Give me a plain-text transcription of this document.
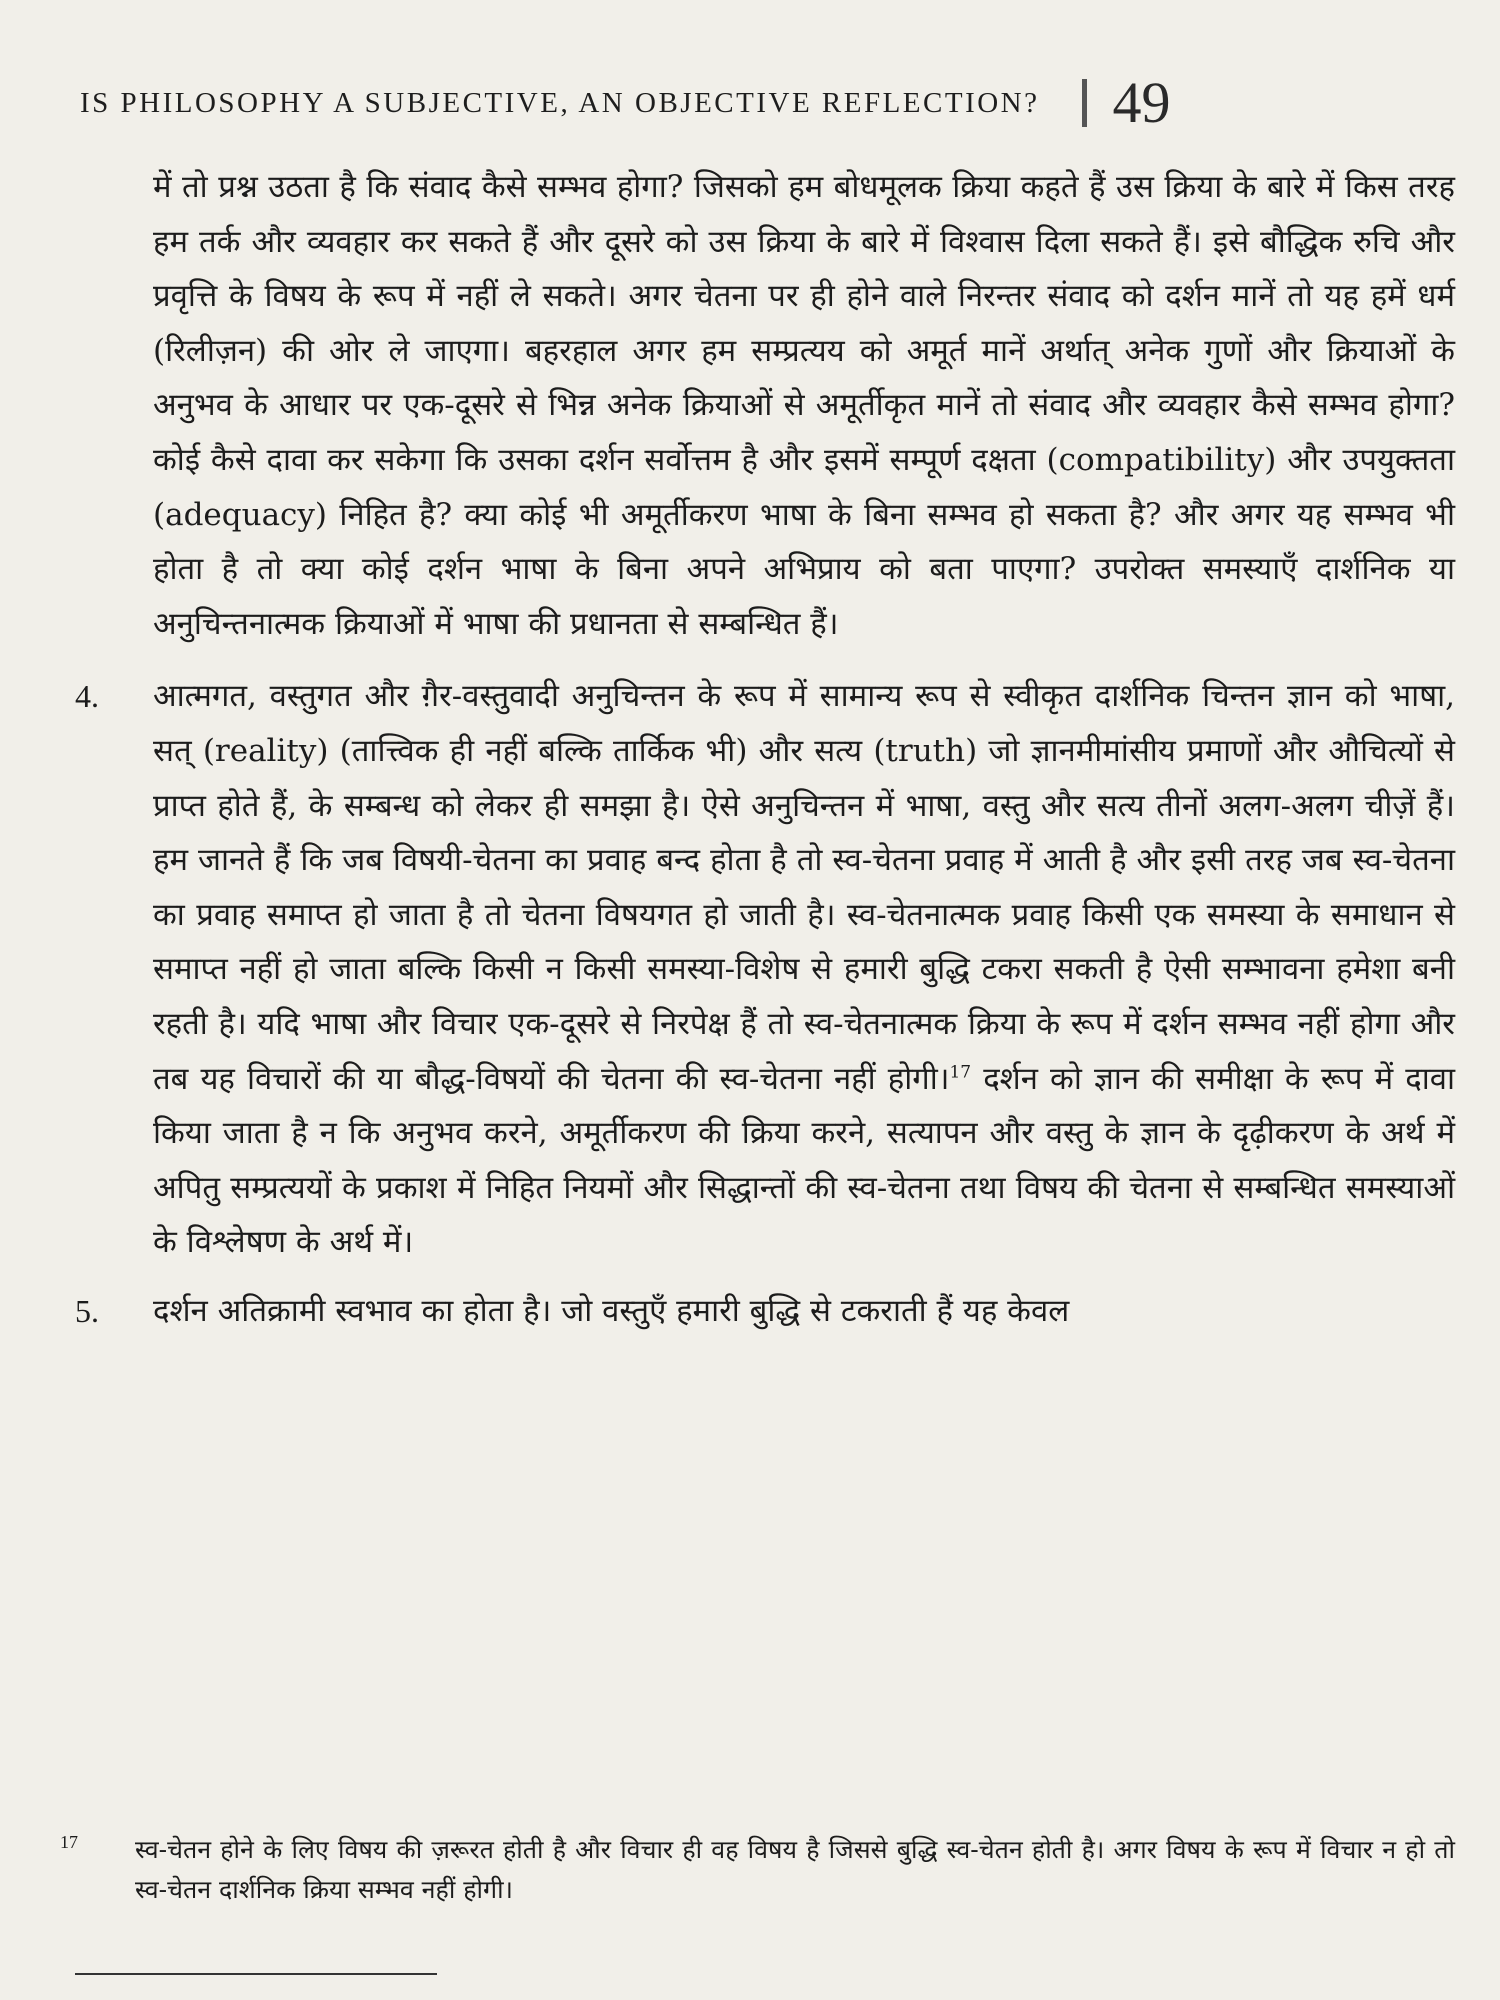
IS PHILOSOPHY A SUBJECTIVE, AN OBJECTIVE REFLECTION? 49

में तो प्रश्न उठता है कि संवाद कैसे सम्भव होगा? जिसको हम बोधमूलक क्रिया कहते हैं उस क्रिया के बारे में किस तरह हम तर्क और व्यवहार कर सकते हैं और दूसरे को उस क्रिया के बारे में विश्वास दिला सकते हैं। इसे बौद्धिक रुचि और प्रवृत्ति के विषय के रूप में नहीं ले सकते। अगर चेतना पर ही होने वाले निरन्तर संवाद को दर्शन मानें तो यह हमें धर्म (रिलीज़न) की ओर ले जाएगा। बहरहाल अगर हम सम्प्रत्यय को अमूर्त मानें अर्थात् अनेक गुणों और क्रियाओं के अनुभव के आधार पर एक-दूसरे से भिन्न अनेक क्रियाओं से अमूर्तीकृत मानें तो संवाद और व्यवहार कैसे सम्भव होगा? कोई कैसे दावा कर सकेगा कि उसका दर्शन सर्वोत्तम है और इसमें सम्पूर्ण दक्षता (compatibility) और उपयुक्तता (adequacy) निहित है? क्या कोई भी अमूर्तीकरण भाषा के बिना सम्भव हो सकता है? और अगर यह सम्भव भी होता है तो क्या कोई दर्शन भाषा के बिना अपने अभिप्राय को बता पाएगा? उपरोक्त समस्याएँ दार्शनिक या अनुचिन्तनात्मक क्रियाओं में भाषा की प्रधानता से सम्बन्धित हैं।

4. आत्मगत, वस्तुगत और ग़ैर-वस्तुवादी अनुचिन्तन के रूप में सामान्य रूप से स्वीकृत दार्शनिक चिन्तन ज्ञान को भाषा, सत् (reality) (तात्त्विक ही नहीं बल्कि तार्किक भी) और सत्य (truth) जो ज्ञानमीमांसीय प्रमाणों और औचित्यों से प्राप्त होते हैं, के सम्बन्ध को लेकर ही समझा है। ऐसे अनुचिन्तन में भाषा, वस्तु और सत्य तीनों अलग-अलग चीज़ें हैं। हम जानते हैं कि जब विषयी-चेतना का प्रवाह बन्द होता है तो स्व-चेतना प्रवाह में आती है और इसी तरह जब स्व-चेतना का प्रवाह समाप्त हो जाता है तो चेतना विषयगत हो जाती है। स्व-चेतनात्मक प्रवाह किसी एक समस्या के समाधान से समाप्त नहीं हो जाता बल्कि किसी न किसी समस्या-विशेष से हमारी बुद्धि टकरा सकती है ऐसी सम्भावना हमेशा बनी रहती है। यदि भाषा और विचार एक-दूसरे से निरपेक्ष हैं तो स्व-चेतनात्मक क्रिया के रूप में दर्शन सम्भव नहीं होगा और तब यह विचारों की या बौद्ध-विषयों की चेतना की स्व-चेतना नहीं होगी।$^{17}$ दर्शन को ज्ञान की समीक्षा के रूप में दावा किया जाता है न कि अनुभव करने, अमूर्तीकरण की क्रिया करने, सत्यापन और वस्तु के ज्ञान के दृढ़ीकरण के अर्थ में अपितु सम्प्रत्ययों के प्रकाश में निहित नियमों और सिद्धान्तों की स्व-चेतना तथा विषय की चेतना से सम्बन्धित समस्याओं के विश्लेषण के अर्थ में।

5. दर्शन अतिक्रामी स्वभाव का होता है। जो वस्तुएँ हमारी बुद्धि से टकराती हैं यह केवल

17	स्व-चेतन होने के लिए विषय की ज़रूरत होती है और विचार ही वह विषय है जिससे बुद्धि स्व-चेतन होती है। अगर विषय के रूप में विचार न हो तो स्व-चेतन दार्शनिक क्रिया सम्भव नहीं होगी।
